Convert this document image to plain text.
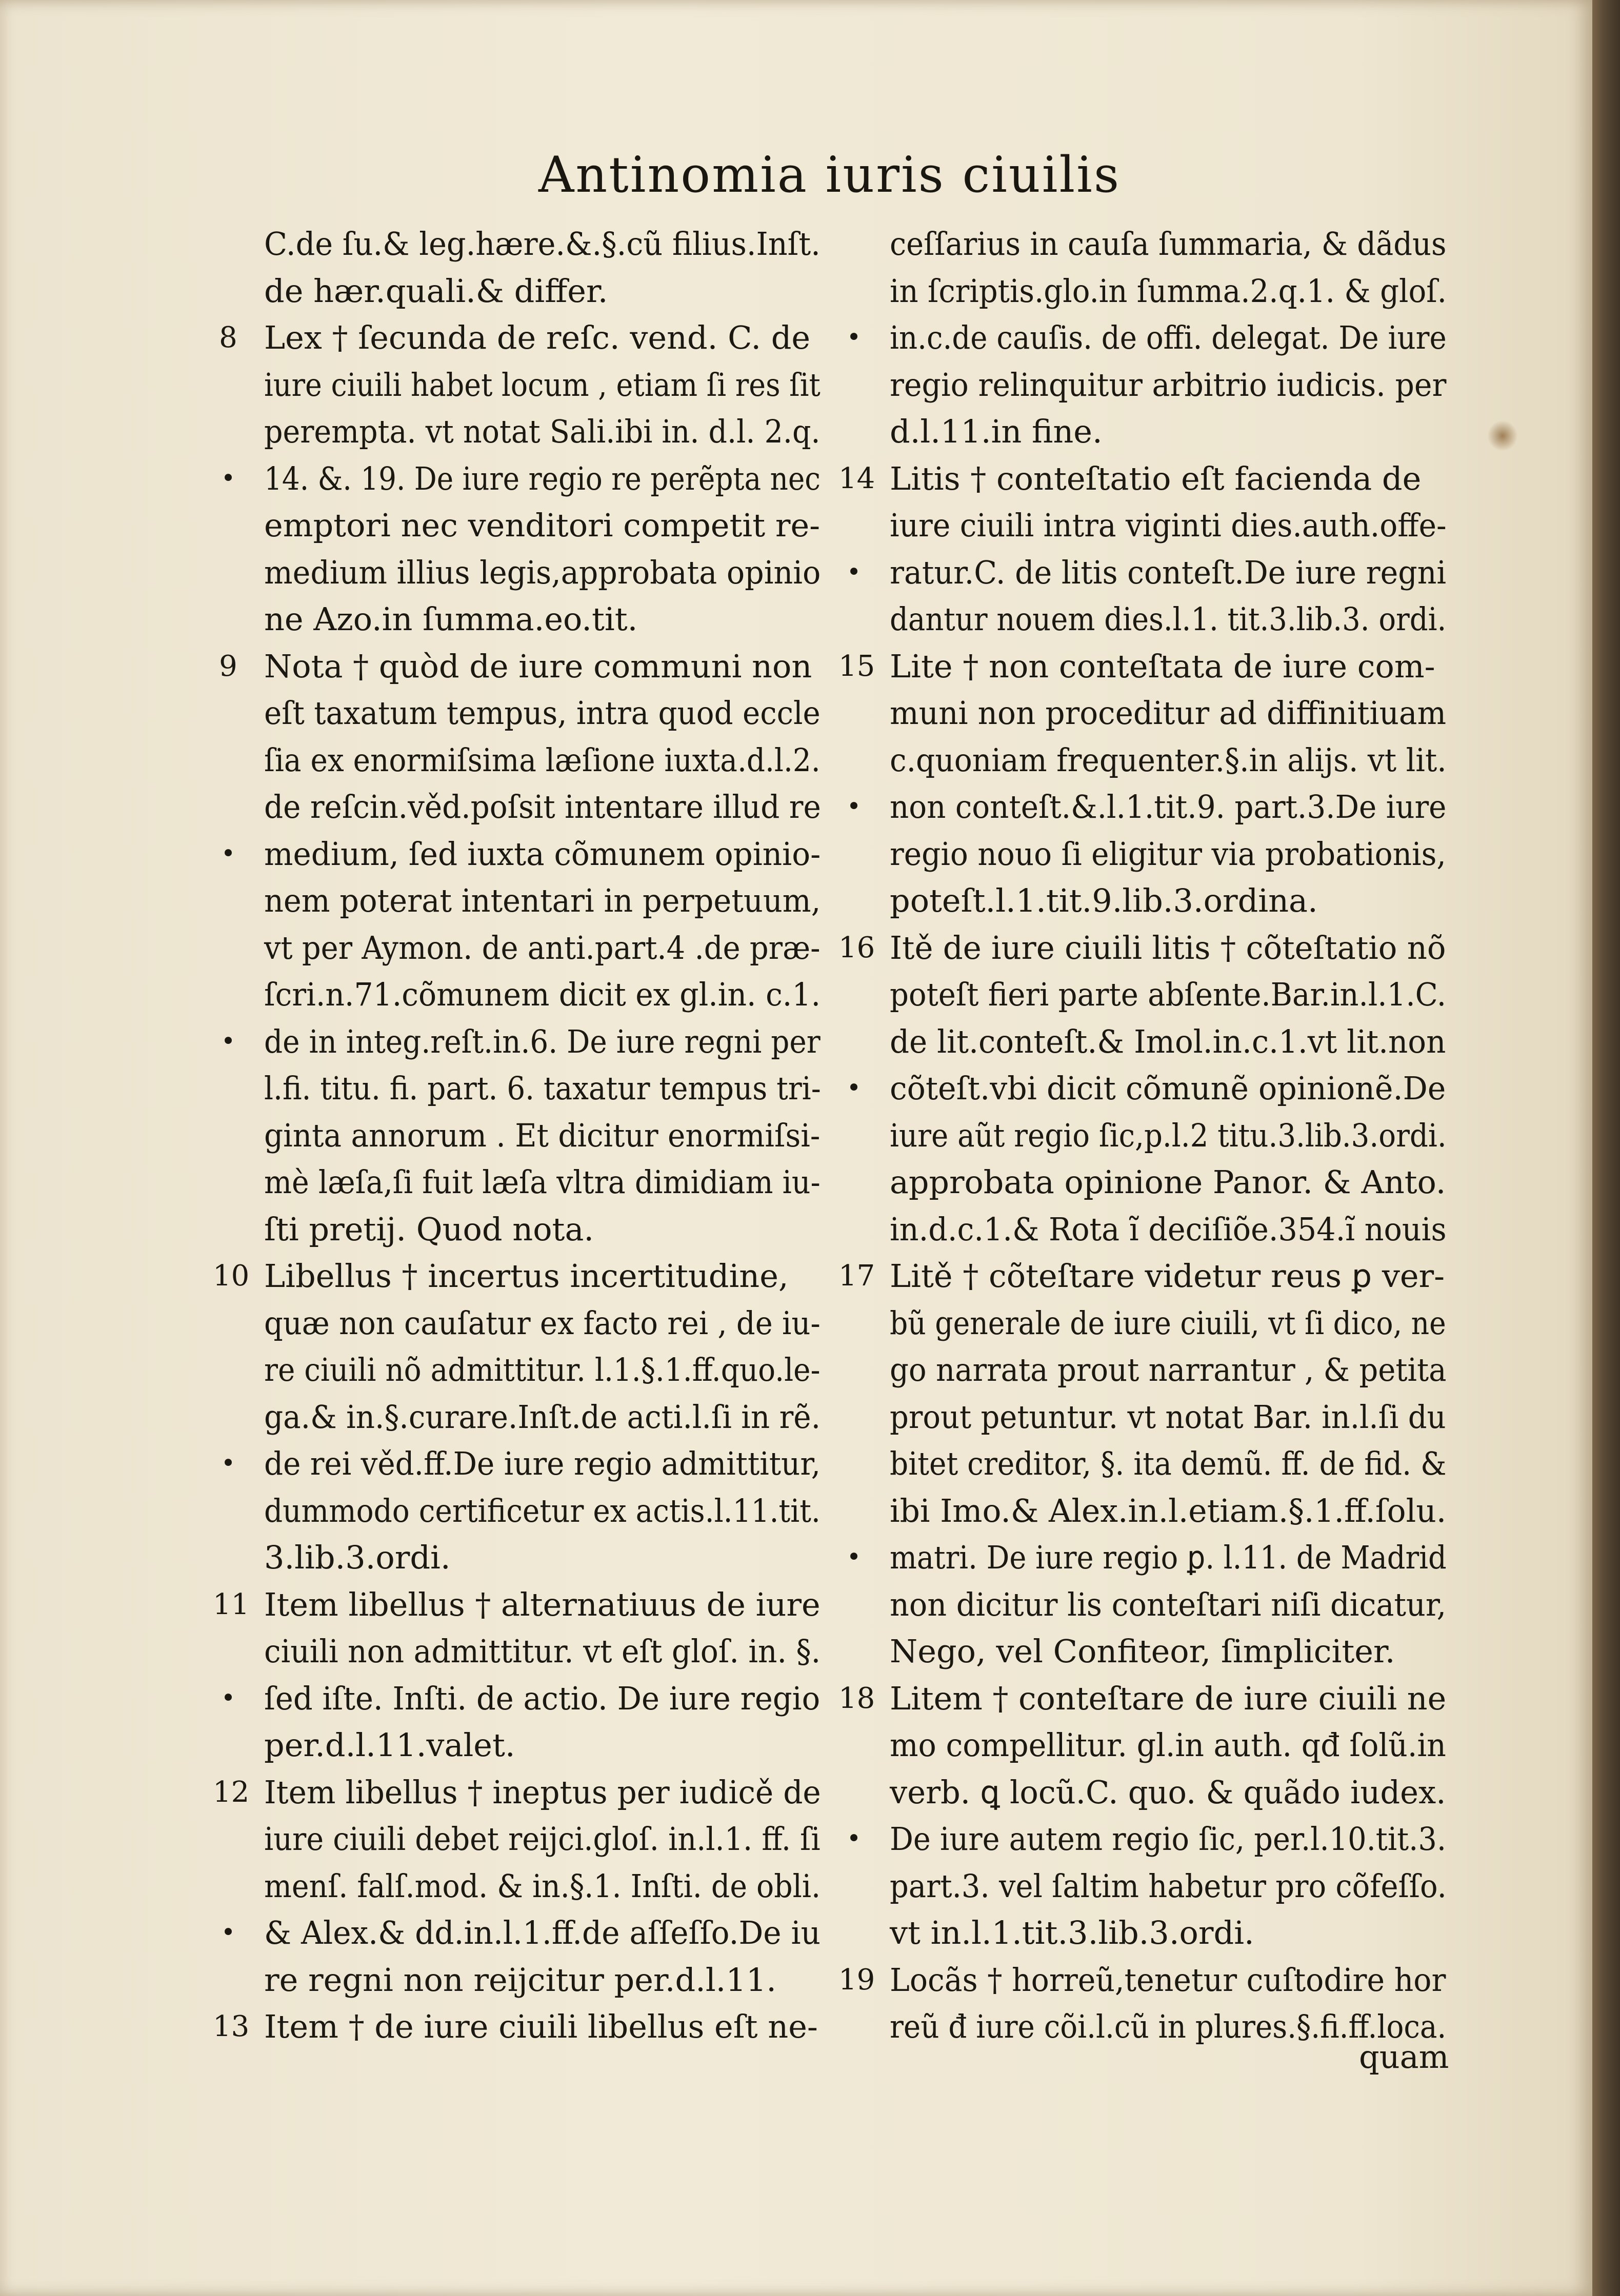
Antinomia iuris ciuilis
C.de ſu.& leg.hære.&.§.cũ filius.Inſt.
de hær.quali.& differ.
8 Lex † ſecunda de reſc. vend. C. de
iure ciuili habet locum , etiam ſi res ſit
perempta. vt notat Sali.ibi in. d.l. 2.q.
• 14. &. 19. De iure regio re perẽpta nec
emptori nec venditori competit re-
medium illius legis,approbata opinio
ne Azo.in ſumma.eo.tit.
9 Nota † quòd de iure communi non
eſt taxatum tempus, intra quod eccle
ſia ex enormiſsima læſione iuxta.d.l.2.
de reſcin.věd.poſsit intentare illud re
• medium, ſed iuxta cõmunem opinio-
nem poterat intentari in perpetuum,
vt per Aymon. de anti.part.4 .de præ-
ſcri.n.71.cõmunem dicit ex gl.in. c.1.
• de in integ.reſt.in.6. De iure regni per
l.fi. titu. fi. part. 6. taxatur tempus tri-
ginta annorum . Et dicitur enormiſsi-
mè læſa,ſi fuit læſa vltra dimidiam iu-
ſti pretij. Quod nota.
10 Libellus † incertus incertitudine,
quæ non cauſatur ex facto rei , de iu-
re ciuili nõ admittitur. l.1.§.1.ff.quo.le-
ga.& in.§.curare.Inſt.de acti.l.ſi in rẽ.
• de rei věd.ff.De iure regio admittitur,
dummodo certificetur ex actis.l.11.tit.
3.lib.3.ordi.
11 Item libellus † alternatiuus de iure
ciuili non admittitur. vt eſt gloſ. in. §.
• ſed iſte. Inſti. de actio. De iure regio
per.d.l.11.valet.
12 Item libellus † ineptus per iudicě de
iure ciuili debet reijci.gloſ. in.l.1. ff. ſi
menſ. falſ.mod. & in.§.1. Inſti. de obli.
• & Alex.& dd.in.l.1.ff.de aſſeſſo.De iu
re regni non reijcitur per.d.l.11.
13 Item † de iure ciuili libellus eſt ne-
ceſſarius in cauſa ſummaria, & dãdus
in ſcriptis.glo.in ſumma.2.q.1. & gloſ.
• in.c.de cauſis. de offi. delegat. De iure
regio relinquitur arbitrio iudicis. per
d.l.11.in fine.
14 Litis † conteſtatio eſt facienda de
iure ciuili intra viginti dies.auth.offe-
• ratur.C. de litis conteſt.De iure regni
dantur nouem dies.l.1. tit.3.lib.3. ordi.
15 Lite † non conteſtata de iure com-
muni non proceditur ad diffinitiuam
c.quoniam frequenter.§.in alijs. vt lit.
• non conteſt.&.l.1.tit.9. part.3.De iure
regio nouo ſi eligitur via probationis,
poteſt.l.1.tit.9.lib.3.ordina.
16 Itě de iure ciuili litis † cõteſtatio nõ
poteſt fieri parte abſente.Bar.in.l.1.C.
de lit.conteſt.& Imol.in.c.1.vt lit.non
• cõteſt.vbi dicit cõmunẽ opinionẽ.De
iure aũt regio ſic,p.l.2 titu.3.lib.3.ordi.
approbata opinione Panor. & Anto.
in.d.c.1.& Rota ĩ deciſiõe.354.ĩ nouis
17 Litě † cõteſtare videtur reus ꝑ ver-
bũ generale de iure ciuili, vt ſi dico, ne
go narrata prout narrantur , & petita
prout petuntur. vt notat Bar. in.l.ſi du
bitet creditor, §. ita demũ. ff. de fid. &
ibi Imo.& Alex.in.l.etiam.§.1.ff.ſolu.
• matri. De iure regio ꝑ. l.11. de Madrid
non dicitur lis conteſtari niſi dicatur,
Nego, vel Confiteor, ſimpliciter.
18 Litem † conteſtare de iure ciuili ne
mo compellitur. gl.in auth. qđ ſolũ.in
verb. ꝗ locũ.C. quo. & quãdo iudex.
• De iure autem regio ſic, per.l.10.tit.3.
part.3. vel ſaltim habetur pro cõfeſſo.
vt in.l.1.tit.3.lib.3.ordi.
19 Locãs † horreũ,tenetur cuſtodire hor
reũ đ iure cõi.l.cũ in plures.§.fi.ff.loca.
quam
